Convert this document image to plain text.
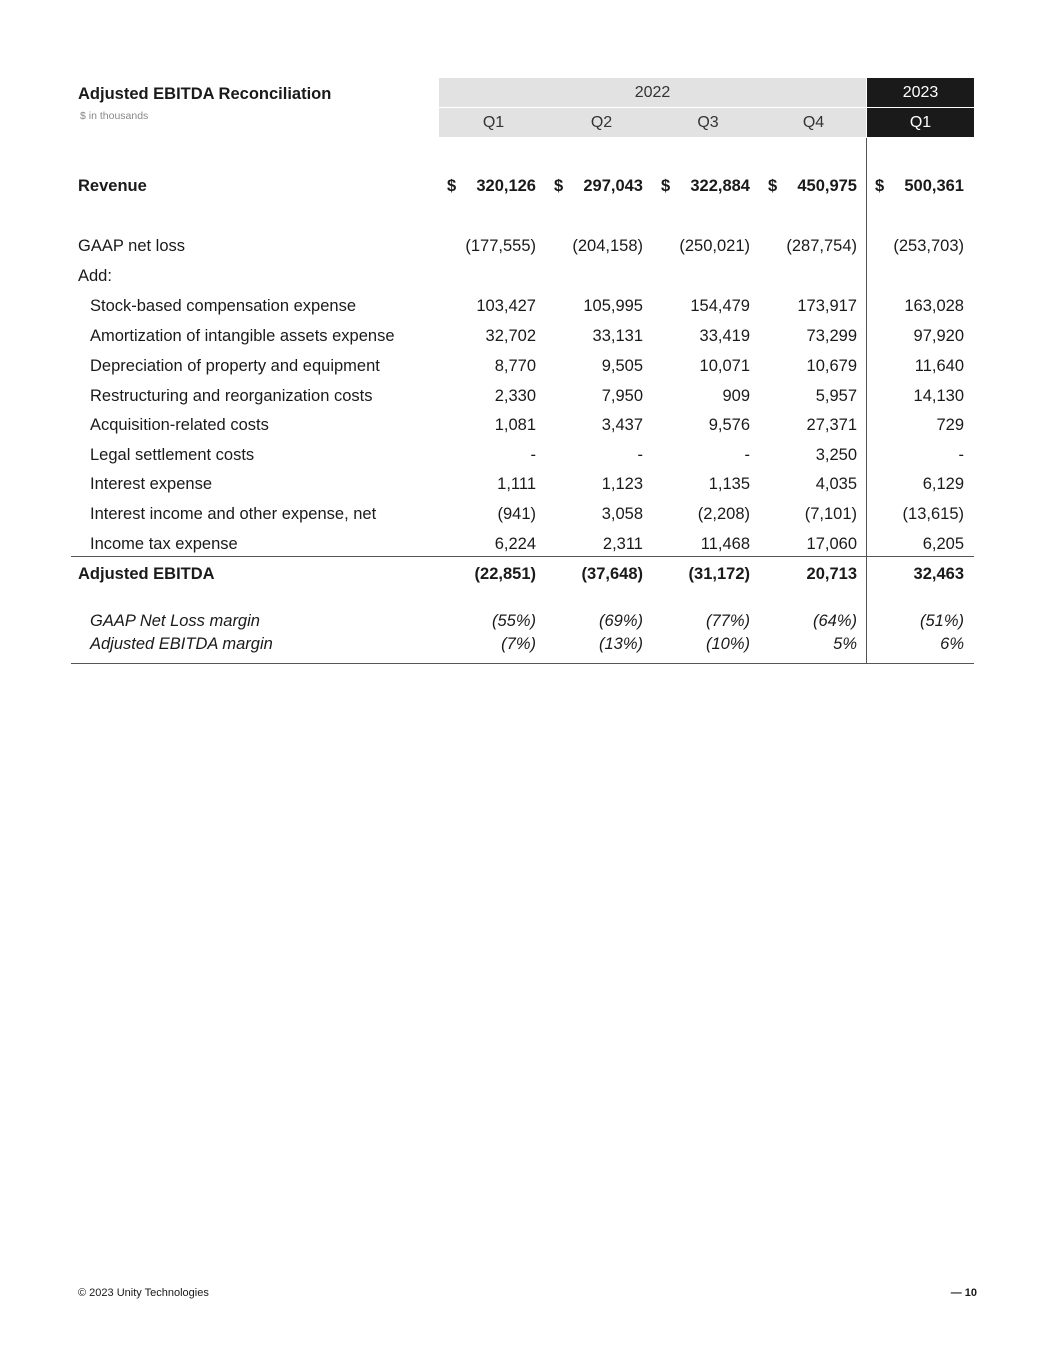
Adjusted EBITDA Reconciliation
$ in thousands
2022	2023
Q1	Q2	Q3	Q4	Q1
Revenue	$ 320,126 $ 297,043 $ 322,884 $ 450,975 $ 500,361
GAAP net loss	(177,555) (204,158) (250,021) (287,754) (253,703)
Add:
Stock-based compensation expense	103,427	105,995	154,479	173,917	163,028
Amortization of intangible assets expense	32,702	33,131	33,419	73,299	97,920
Depreciation of property and equipment	8,770	9,505	10,071	10,679	11,640
Restructuring and reorganization costs	2,330	7,950	909	5,957	14,130
Acquisition-related costs	1,081	3,437	9,576	27,371	729
Legal settlement costs	-	-	-	3,250	-
Interest expense	1,111	1,123	1,135	4,035	6,129
Interest income and other expense, net	(941)	3,058	(2,208)	(7,101)	(13,615)
Income tax expense	6,224	2,311	11,468	17,060	6,205
Adjusted EBITDA	(22,851)	(37,648)	(31,172)	20,713	32,463
GAAP Net Loss margin	(55%)	(69%)	(77%)	(64%)	(51%)
Adjusted EBITDA margin	(7%)	(13%)	(10%)	5%	6%
© 2023 Unity Technologies	— 10
